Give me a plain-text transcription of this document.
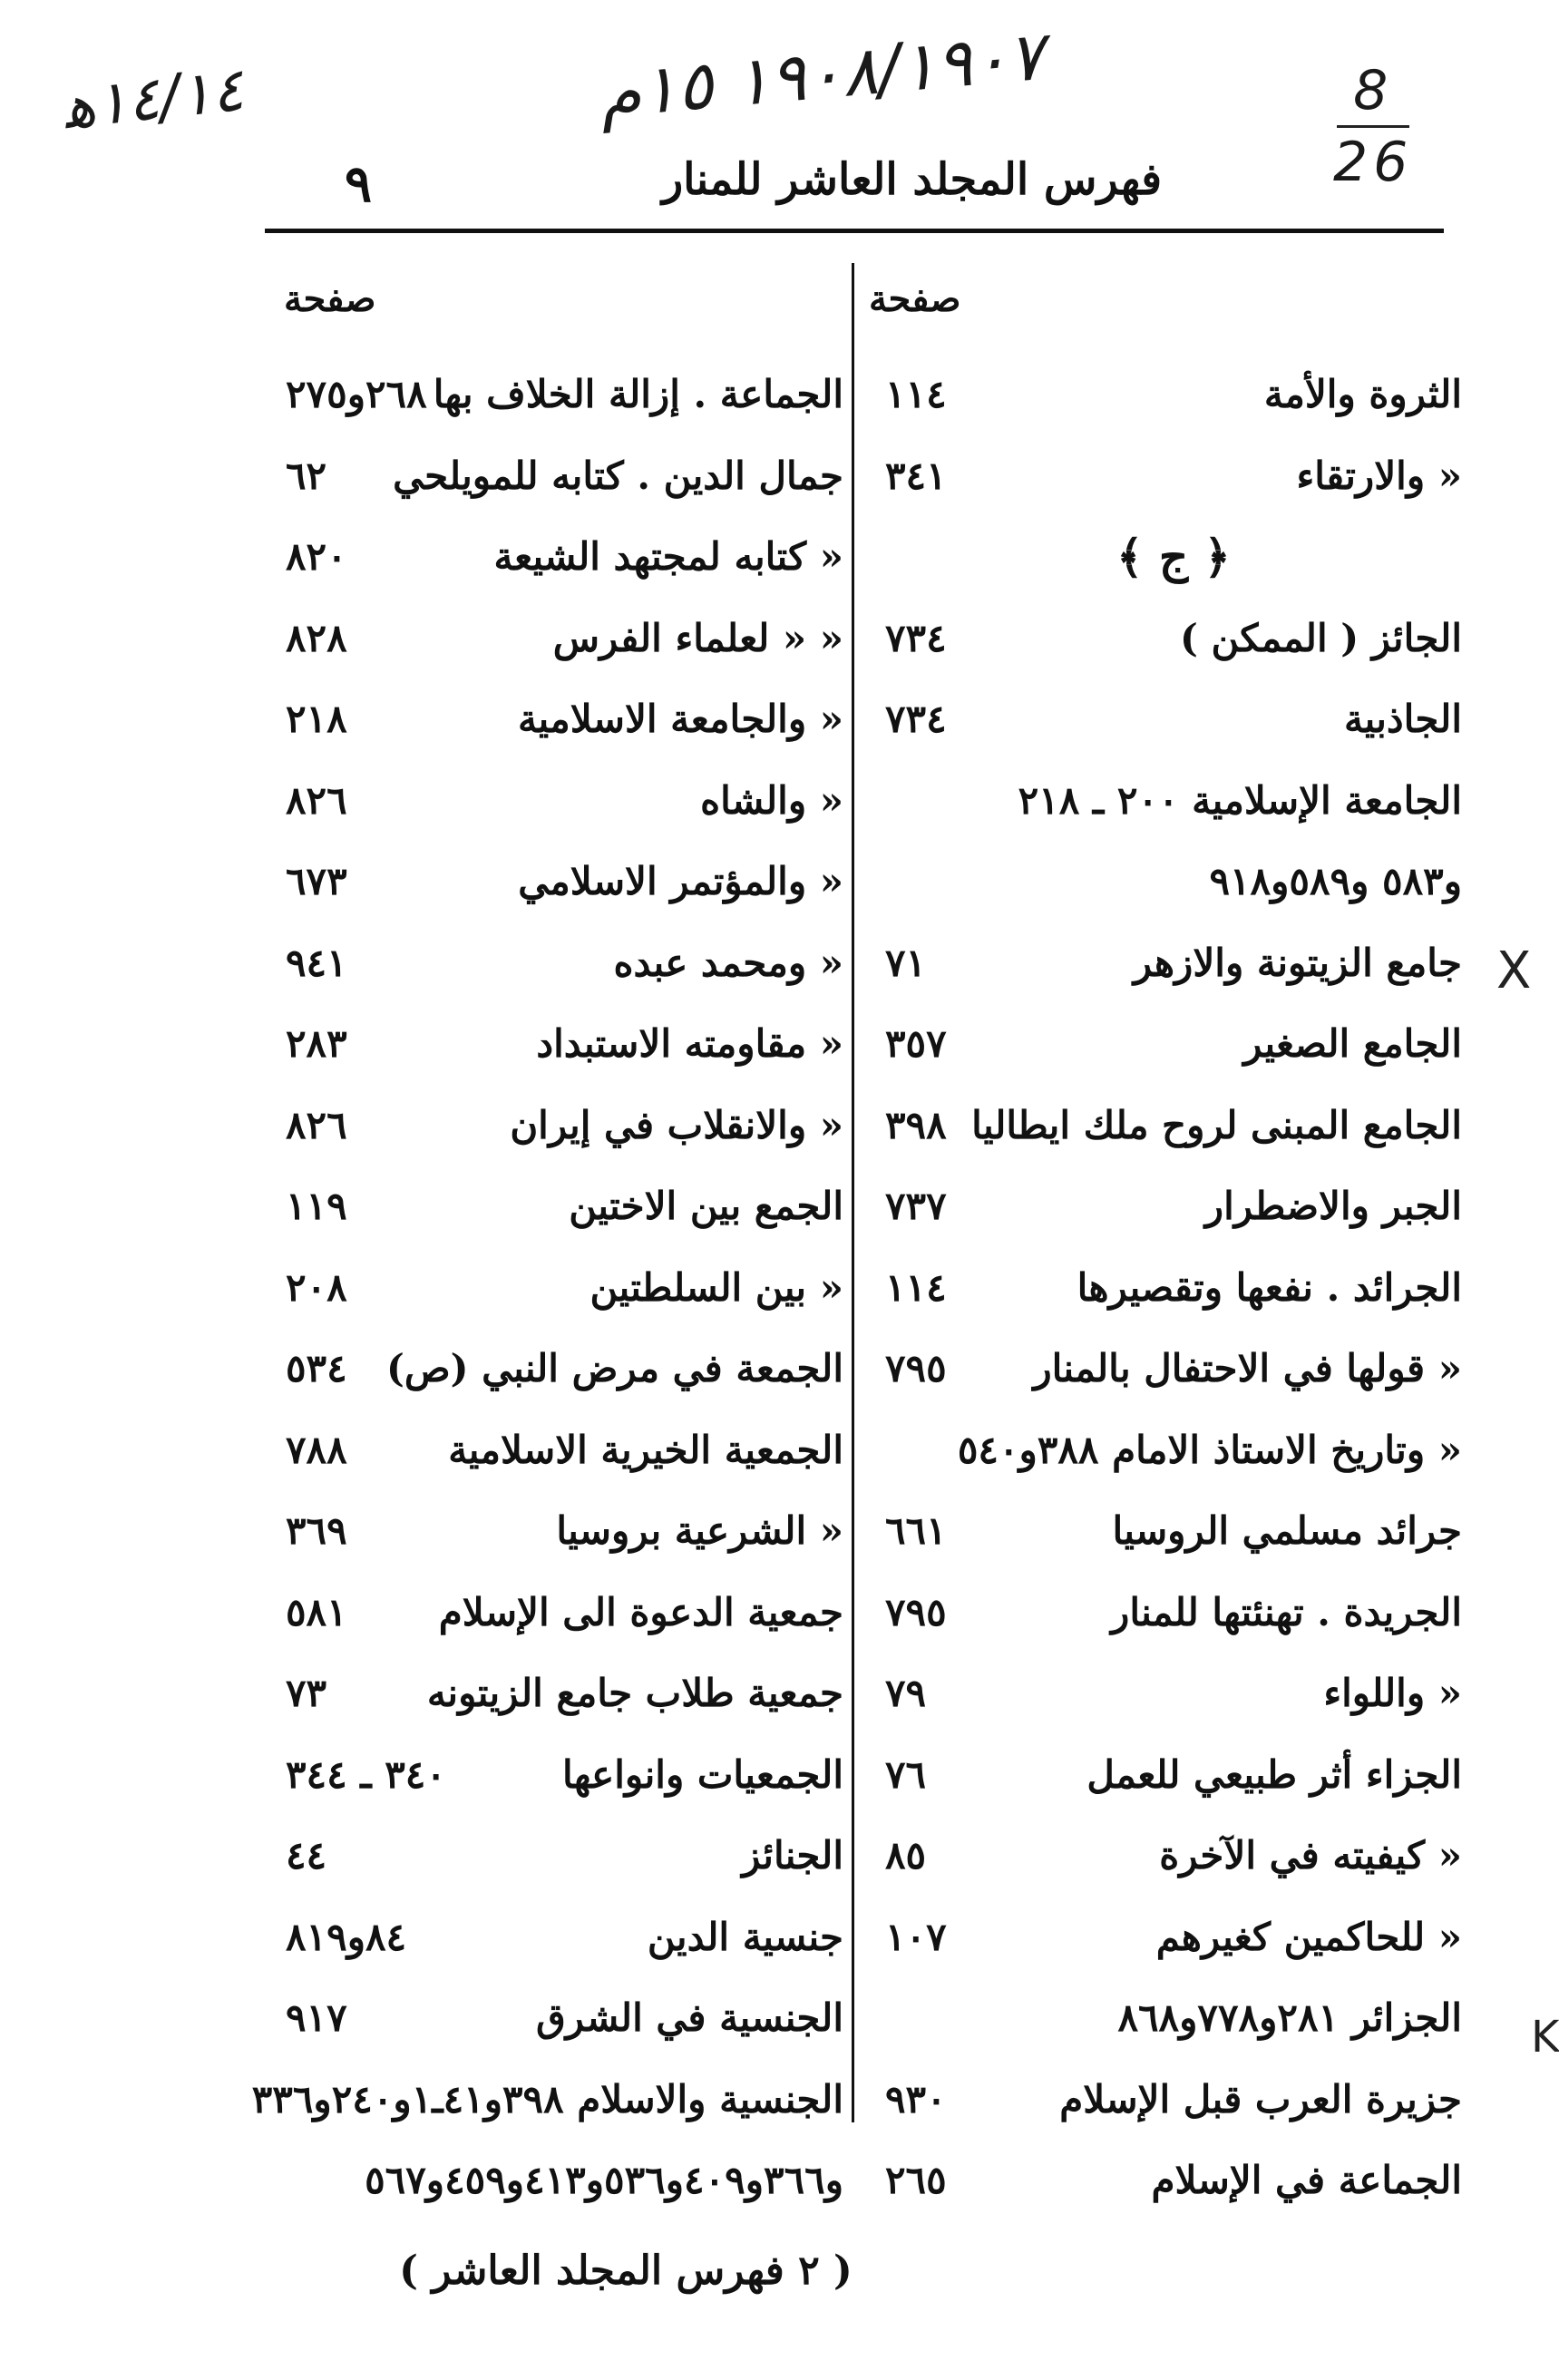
١٤/١٤ﻫ	١٩٠٨/١٩٠٧ ١٥م	8
26
فهرس المجلد العاشر للمنار
٩
صفحة
الثروة والأمة
١١٤
« والارتقاء
٣٤١
﴿ ج ﴾
الجائز ( الممكن )
٧٣٤
الجاذبية
٧٣٤
الجامعة الإسلامية ٢٠٠ ـ ٢١٨
و٥٨٣ و٥٨٩و٩١٨
جامع الزيتونة والازهر
٧١
الجامع الصغير
٣٥٧
الجامع المبنى لروح ملك ايطاليا
٣٩٨
الجبر والاضطرار
٧٣٧
الجرائد . نفعها وتقصيرها
١١٤
« قولها في الاحتفال بالمنار
٧٩٥
« وتاريخ الاستاذ الامام ٣٨٨و٥٤٠
جرائد مسلمي الروسيا
٦٦١
الجريدة . تهنئتها للمنار
٧٩٥
« واللواء
٧٩
الجزاء أثر طبيعي للعمل
٧٦
« كيفيته في الآخرة
٨٥
« للحاكمين كغيرهم
١٠٧
الجزائر ٢٨١و٧٧٨و٨٦٨
جزيرة العرب قبل الإسلام
٩٣٠
الجماعة في الإسلام
٢٦٥
صفحة
الجماعة . إزالة الخلاف بها
٢٦٨و٢٧٥
جمال الدين . كتابه للمويلحي
٦٢
« كتابه لمجتهد الشيعة
٨٢٠
« « لعلماء الفرس
٨٢٨
« والجامعة الاسلامية
٢١٨
« والشاه
٨٢٦
« والمؤتمر الاسلامي
٦٧٣
« ومحمد عبده
٩٤١
« مقاومته الاستبداد
٢٨٣
« والانقلاب في إيران
٨٢٦
الجمع بين الاختين
١١٩
« بين السلطتين
٢٠٨
الجمعة في مرض النبي (ص)
٥٣٤
الجمعية الخيرية الاسلامية
٧٨٨
« الشرعية بروسيا
٣٦٩
جمعية الدعوة الى الإسلام
٥٨١
جمعية طلاب جامع الزيتونه
٧٣
الجمعيات وانواعها
٣٤٠ ـ ٣٤٤
الجنائز
٤٤
جنسية الدين
٨٤و٨١٩
الجنسية في الشرق
٩١٧
الجنسية والاسلام ٣٩٨و٤١ـ١و٢٤٠و٣٣٦
و٣٦٦و٤٠٩و٥٣٦و٤١٣و٤٥٩و٥٦٧
X
K
( ٢ فهرس المجلد العاشر )
